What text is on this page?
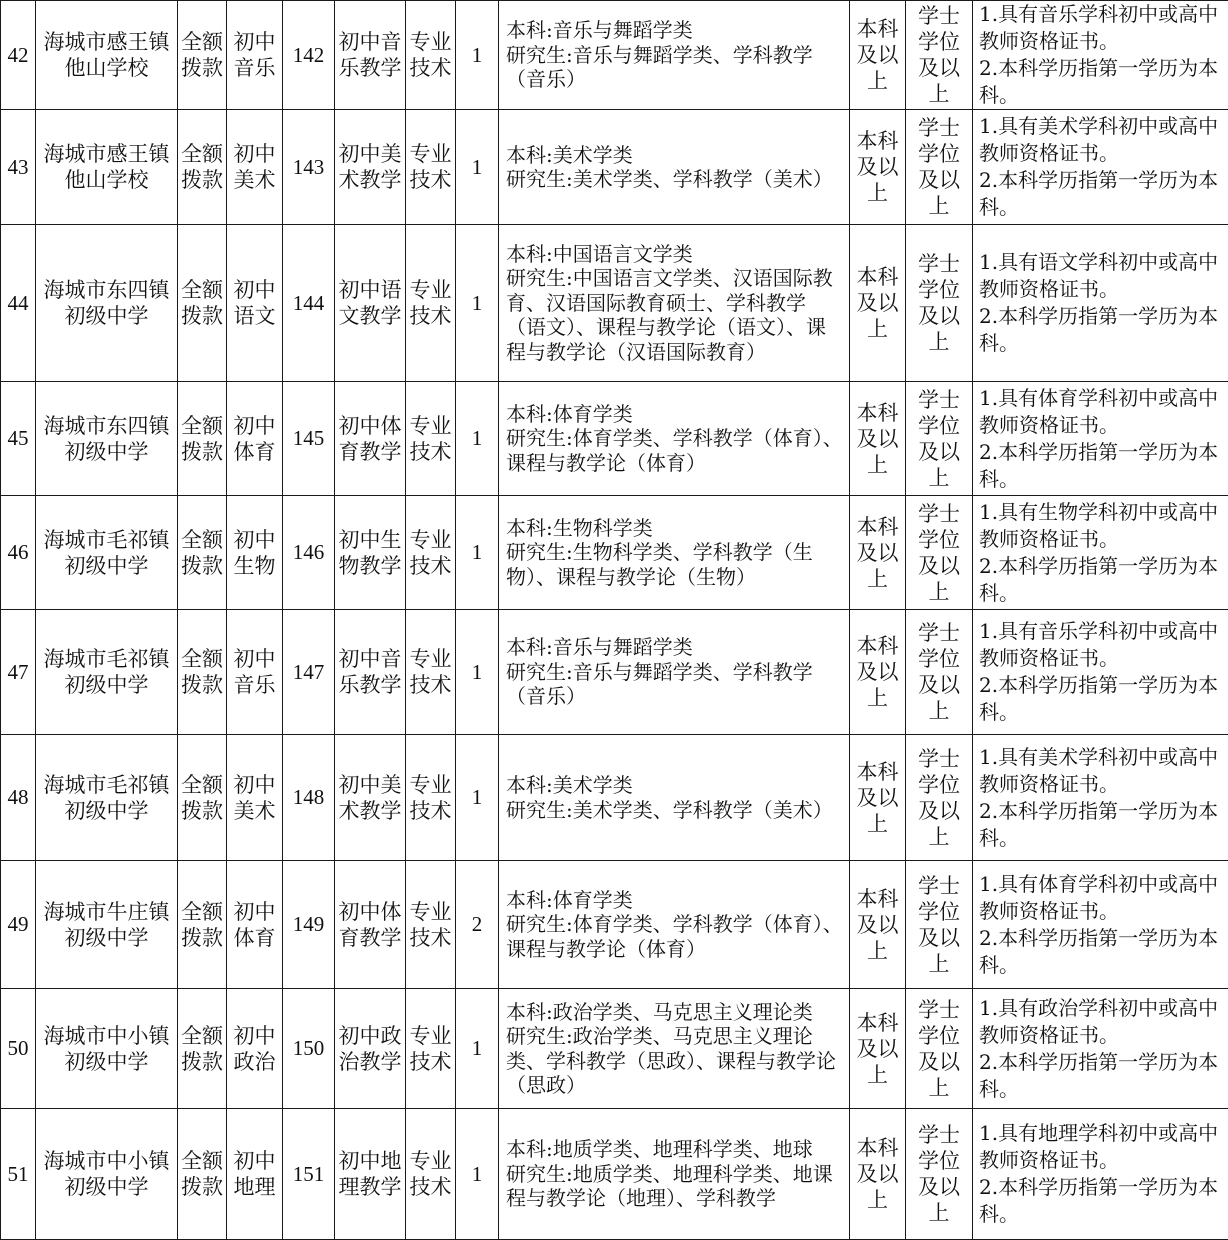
42	海城市感王镇他山学校	全额拨款	初中音乐	142	初中音乐教学	专业技术	1	本科:音乐与舞蹈学类
研究生:音乐与舞蹈学类、学科教学（音乐）	本科及以上	学士学位及以上	1.具有音乐学科初中或高中教师资格证书。
2.本科学历指第一学历为本科。

43	海城市感王镇他山学校	全额拨款	初中美术	143	初中美术教学	专业技术	1	本科:美术学类
研究生:美术学类、学科教学（美术）	本科及以上	学士学位及以上	1.具有美术学科初中或高中教师资格证书。
2.本科学历指第一学历为本科。

44	海城市东四镇初级中学	全额拨款	初中语文	144	初中语文教学	专业技术	1	本科:中国语言文学类
研究生:中国语言文学类、汉语国际教育、汉语国际教育硕士、学科教学（语文）、课程与教学论（语文）、课程与教学论（汉语国际教育）	本科及以上	学士学位及以上	1.具有语文学科初中或高中教师资格证书。
2.本科学历指第一学历为本科。

45	海城市东四镇初级中学	全额拨款	初中体育	145	初中体育教学	专业技术	1	本科:体育学类
研究生:体育学类、学科教学（体育）、课程与教学论（体育）	本科及以上	学士学位及以上	1.具有体育学科初中或高中教师资格证书。
2.本科学历指第一学历为本科。

46	海城市毛祁镇初级中学	全额拨款	初中生物	146	初中生物教学	专业技术	1	本科:生物科学类
研究生:生物科学类、学科教学（生物）、课程与教学论（生物）	本科及以上	学士学位及以上	1.具有生物学科初中或高中教师资格证书。
2.本科学历指第一学历为本科。

47	海城市毛祁镇初级中学	全额拨款	初中音乐	147	初中音乐教学	专业技术	1	本科:音乐与舞蹈学类
研究生:音乐与舞蹈学类、学科教学（音乐）	本科及以上	学士学位及以上	1.具有音乐学科初中或高中教师资格证书。
2.本科学历指第一学历为本科。

48	海城市毛祁镇初级中学	全额拨款	初中美术	148	初中美术教学	专业技术	1	本科:美术学类
研究生:美术学类、学科教学（美术）	本科及以上	学士学位及以上	1.具有美术学科初中或高中教师资格证书。
2.本科学历指第一学历为本科。

49	海城市牛庄镇初级中学	全额拨款	初中体育	149	初中体育教学	专业技术	2	本科:体育学类
研究生:体育学类、学科教学（体育）、课程与教学论（体育）	本科及以上	学士学位及以上	1.具有体育学科初中或高中教师资格证书。
2.本科学历指第一学历为本科。

50	海城市中小镇初级中学	全额拨款	初中政治	150	初中政治教学	专业技术	1	本科:政治学类、马克思主义理论类
研究生:政治学类、马克思主义理论类、学科教学（思政）、课程与教学论（思政）	本科及以上	学士学位及以上	1.具有政治学科初中或高中教师资格证书。
2.本科学历指第一学历为本科。

51	海城市中小镇初级中学	全额拨款	初中地理	151	初中地理教学	专业技术	1	本科:地质学类、地理科学类、地球
研究生:地质学类、地理科学类、地课程与教学论（地理）、学科教学	本科及以上	学士学位及以上	1.具有地理学科初中或高中教师资格证书。
2.本科学历指第一学历为本科。
